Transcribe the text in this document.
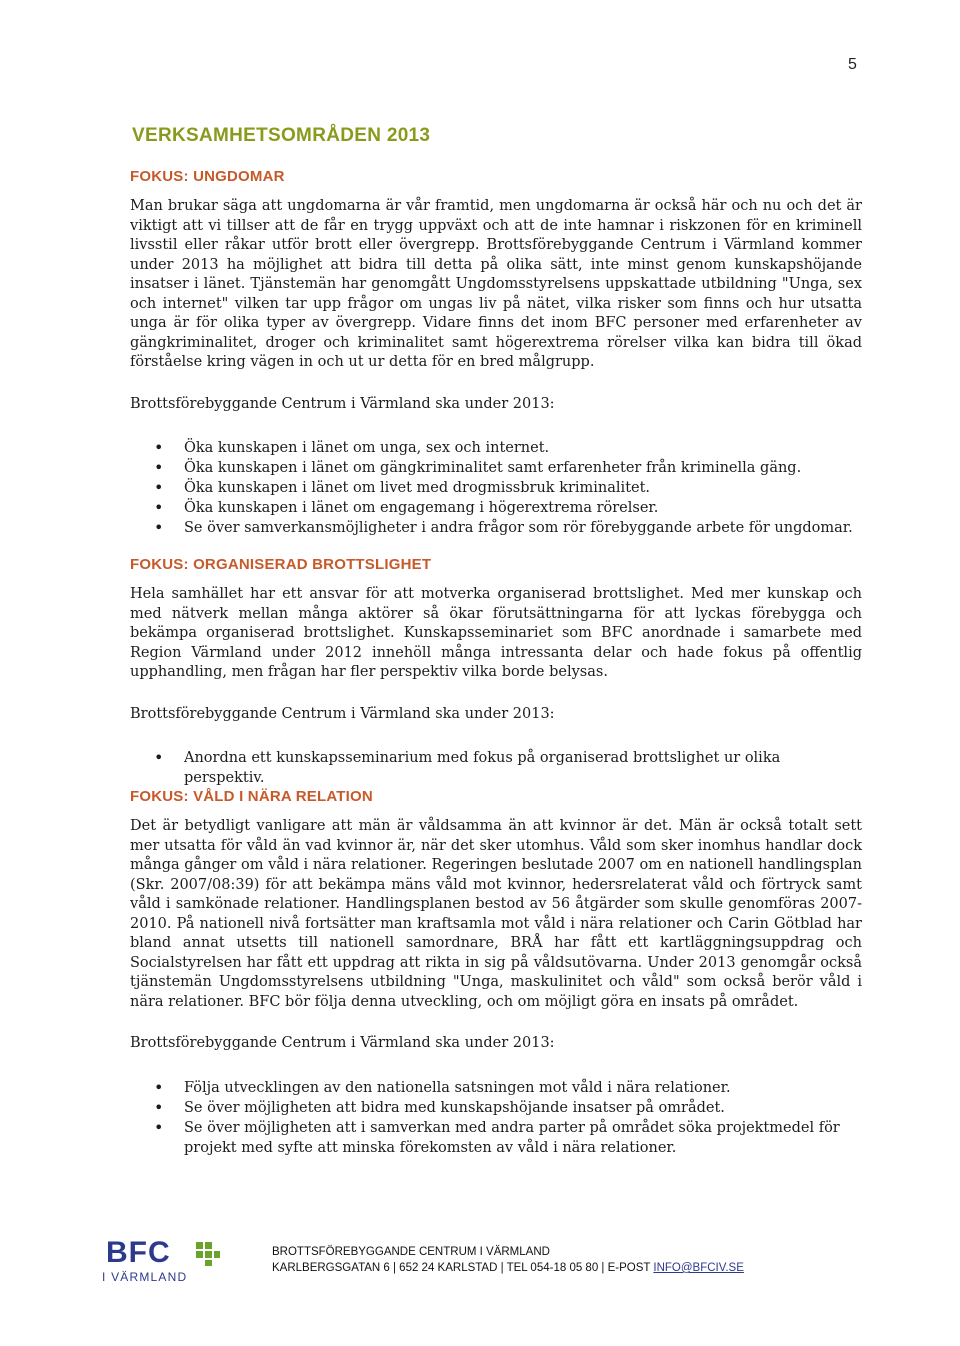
5
VERKSAMHETSOMRÅDEN 2013
FOKUS: UNGDOMAR

Man brukar säga att ungdomarna är vår framtid, men ungdomarna är också här och nu och det är viktigt att vi tillser att de får en trygg uppväxt och att de inte hamnar i riskzonen för en kriminell livsstil eller råkar utför brott eller övergrepp. Brottsförebyggande Centrum i Värmland kommer under 2013 ha möjlighet att bidra till detta på olika sätt, inte minst genom kunskapshöjande insatser i länet. Tjänstemän har genomgått Ungdomsstyrelsens uppskattade utbildning "Unga, sex och internet" vilken tar upp frågor om ungas liv på nätet, vilka risker som finns och hur utsatta unga är för olika typer av övergrepp. Vidare finns det inom BFC personer med erfarenheter av gängkriminalitet, droger och kriminalitet samt högerextrema rörelser vilka kan bidra till ökad förståelse kring vägen in och ut ur detta för en bred målgrupp.

Brottsförebyggande Centrum i Värmland ska under 2013:

• Öka kunskapen i länet om unga, sex och internet.
• Öka kunskapen i länet om gängkriminalitet samt erfarenheter från kriminella gäng.
• Öka kunskapen i länet om livet med drogmissbruk kriminalitet.
• Öka kunskapen i länet om engagemang i högerextrema rörelser.
• Se över samverkansmöjligheter i andra frågor som rör förebyggande arbete för ungdomar.
FOKUS: ORGANISERAD BROTTSLIGHET

Hela samhället har ett ansvar för att motverka organiserad brottslighet. Med mer kunskap och med nätverk mellan många aktörer så ökar förutsättningarna för att lyckas förebygga och bekämpa organiserad brottslighet. Kunskapsseminariet som BFC anordnade i samarbete med Region Värmland under 2012 innehöll många intressanta delar och hade fokus på offentlig upphandling, men frågan har fler perspektiv vilka borde belysas.

Brottsförebyggande Centrum i Värmland ska under 2013:

• Anordna ett kunskapsseminarium med fokus på organiserad brottslighet ur olika perspektiv.
FOKUS: VÅLD I NÄRA RELATION

Det är betydligt vanligare att män är våldsamma än att kvinnor är det. Män är också totalt sett mer utsatta för våld än vad kvinnor är, när det sker utomhus. Våld som sker inomhus handlar dock många gånger om våld i nära relationer. Regeringen beslutade 2007 om en nationell handlingsplan (Skr. 2007/08:39) för att bekämpa mäns våld mot kvinnor, hedersrelaterat våld och förtryck samt våld i samkönade relationer. Handlingsplanen bestod av 56 åtgärder som skulle genomföras 2007-2010. På nationell nivå fortsätter man kraftsamla mot våld i nära relationer och Carin Götblad har bland annat utsetts till nationell samordnare, BRÅ har fått ett kartläggningsuppdrag och Socialstyrelsen har fått ett uppdrag att rikta in sig på våldsutövarna. Under 2013 genomgår också tjänstemän Ungdomsstyrelsens utbildning "Unga, maskulinitet och våld" som också berör våld i nära relationer. BFC bör följa denna utveckling, och om möjligt göra en insats på området.

Brottsförebyggande Centrum i Värmland ska under 2013:

• Följa utvecklingen av den nationella satsningen mot våld i nära relationer.
• Se över möjligheten att bidra med kunskapshöjande insatser på området.
• Se över möjligheten att i samverkan med andra parter på området söka projektmedel för projekt med syfte att minska förekomsten av våld i nära relationer.
BFC
I VÄRMLAND
BROTTSFÖREBYGGANDE CENTRUM I VÄRMLAND
KARLBERGSGATAN 6 | 652 24 KARLSTAD | TEL 054-18 05 80 | E-POST INFO@BFCIV.SE
